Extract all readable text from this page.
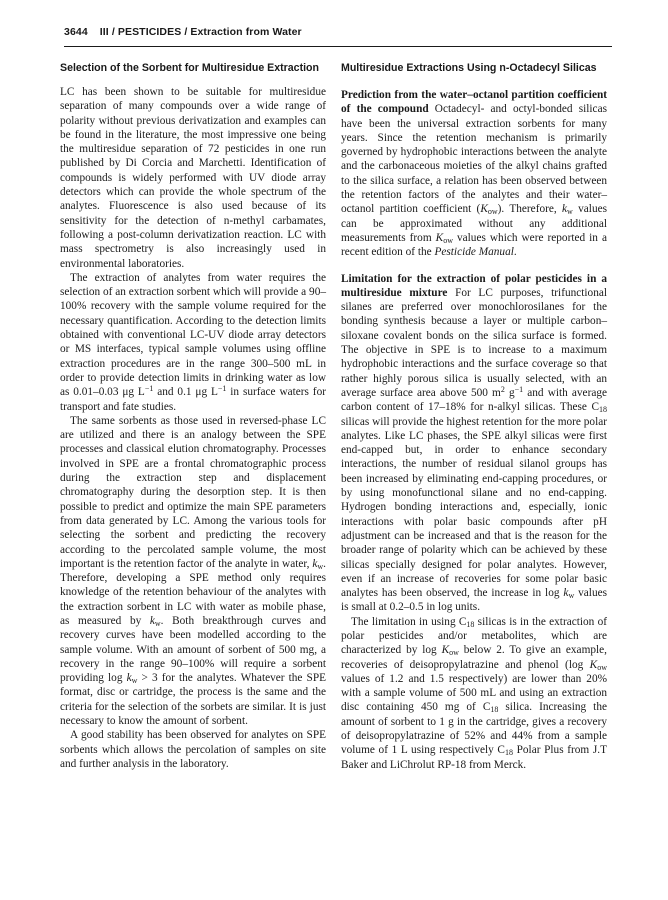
3644 III / PESTICIDES / Extraction from Water
Selection of the Sorbent for Multiresidue Extraction

LC has been shown to be suitable for multiresidue separation of many compounds over a wide range of polarity without previous derivatization and examples can be found in the literature, the most impressive one being the multiresidue separation of 72 pesticides in one run published by Di Corcia and Marchetti. Identification of compounds is widely performed with UV diode array detectors which can provide the whole spectrum of the analytes. Fluorescence is also used because of its sensitivity for the detection of n-methyl carbamates, following a post-column derivatization reaction. LC with mass spectrometry is also increasingly used in environmental laboratories.

The extraction of analytes from water requires the selection of an extraction sorbent which will provide a 90–100% recovery with the sample volume required for the necessary quantification. According to the detection limits obtained with conventional LC-UV diode array detectors or MS interfaces, typical sample volumes using offline extraction procedures are in the range 300–500 mL in order to provide detection limits in drinking water as low as 0.01–0.03 μg $L^{-1}$ and 0.1 μg $L^{-1}$ in surface waters for transport and fate studies.

The same sorbents as those used in reversed-phase LC are utilized and there is an analogy between the SPE processes and classical elution chromatography. Processes involved in SPE are a frontal chromatographic process during the extraction step and displacement chromatography during the desorption step. It is then possible to predict and optimize the main SPE parameters from data generated by LC. Among the various tools for selecting the sorbent and predicting the recovery according to the percolated sample volume, the most important is the retention factor of the analyte in water, $k_w$. Therefore, developing a SPE method only requires knowledge of the retention behaviour of the analytes with the extraction sorbent in LC with water as mobile phase, as measured by $k_w$. Both breakthrough curves and recovery curves have been modelled according to the sample volume. With an amount of sorbent of 500 mg, a recovery in the range 90–100% will require a sorbent providing $\log k_w > 3$ for the analytes. Whatever the SPE format, disc or cartridge, the process is the same and the criteria for the selection of the sorbets are similar. It is just necessary to know the amount of sorbent.

A good stability has been observed for analytes on SPE sorbents which allows the percolation of samples on site and further analysis in the laboratory.

Multiresidue Extractions Using n-Octadecyl Silicas

Prediction from the water–octanol partition coefficient of the compound Octadecyl- and octyl-bonded silicas have been the universal extraction sorbents for many years. Since the retention mechanism is primarily governed by hydrophobic interactions between the analyte and the carbonaceous moieties of the alkyl chains grafted to the silica surface, a relation has been observed between the retention factors of the analytes and their water–octanol partition coefficient $(K_{ow})$. Therefore, $k_w$ values can be approximated without any additional measurements from $K_{ow}$ values which were reported in a recent edition of the Pesticide Manual.

Limitation for the extraction of polar pesticides in a multiresidue mixture For LC purposes, trifunctional silanes are preferred over monochlorosilanes for the bonding synthesis because a layer or multiple carbon–siloxane covalent bonds on the silica surface is formed. The objective in SPE is to increase to a maximum hydrophobic interactions and the surface coverage so that rather highly porous silica is usually selected, with an average surface area above 500 $m^2$ $g^{-1}$ and with average carbon content of 17–18% for n-alkyl silicas. These $C_{18}$ silicas will provide the highest retention for the more polar analytes. Like LC phases, the SPE alkyl silicas were first end-capped but, in order to enhance secondary interactions, the number of residual silanol groups has been increased by eliminating end-capping procedures, or by using monofunctional silane and no end-capping. Hydrogen bonding interactions and, especially, ionic interactions with polar basic compounds after pH adjustment can be increased and that is the reason for the broader range of polarity which can be achieved by these silicas specially designed for polar analytes. However, even if an increase of recoveries for some polar basic analytes has been observed, the increase in $\log k_w$ values is small at 0.2–0.5 in log units.

The limitation in using $C_{18}$ silicas is in the extraction of polar pesticides and/or metabolites, which are characterized by $\log K_{ow}$ below 2. To give an example, recoveries of deisopropylatrazine and phenol (log $K_{ow}$ values of 1.2 and 1.5 respectively) are lower than 20% with a sample volume of 500 mL and using an extraction disc containing 450 mg of $C_{18}$ silica. Increasing the amount of sorbent to 1 g in the cartridge, gives a recovery of deisopropylatrazine of 52% and 44% from a sample volume of 1 L using respectively $C_{18}$ Polar Plus from J.T Baker and LiChrolut RP-18 from Merck.
